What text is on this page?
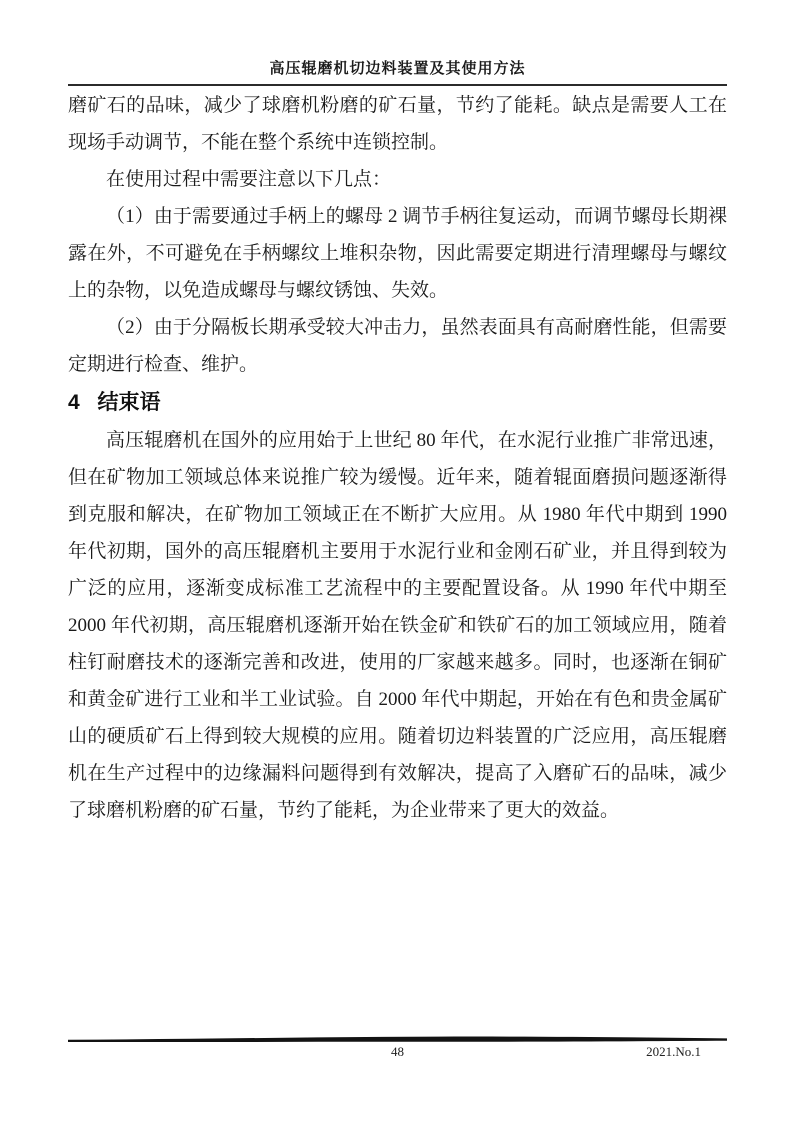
高压辊磨机切边料装置及其使用方法

磨矿石的品味，减少了球磨机粉磨的矿石量，节约了能耗。缺点是需要人工在现场手动调节，不能在整个系统中连锁控制。

在使用过程中需要注意以下几点：

（1）由于需要通过手柄上的螺母 2 调节手柄往复运动，而调节螺母长期裸露在外，不可避免在手柄螺纹上堆积杂物，因此需要定期进行清理螺母与螺纹上的杂物，以免造成螺母与螺纹锈蚀、失效。

（2）由于分隔板长期承受较大冲击力，虽然表面具有高耐磨性能，但需要定期进行检查、维护。

4 结束语

高压辊磨机在国外的应用始于上世纪 80 年代，在水泥行业推广非常迅速，但在矿物加工领域总体来说推广较为缓慢。近年来，随着辊面磨损问题逐渐得到克服和解决，在矿物加工领域正在不断扩大应用。从 1980 年代中期到 1990 年代初期，国外的高压辊磨机主要用于水泥行业和金刚石矿业，并且得到较为广泛的应用，逐渐变成标准工艺流程中的主要配置设备。从 1990 年代中期至 2000 年代初期，高压辊磨机逐渐开始在铁金矿和铁矿石的加工领域应用，随着柱钉耐磨技术的逐渐完善和改进，使用的厂家越来越多。同时，也逐渐在铜矿和黄金矿进行工业和半工业试验。自 2000 年代中期起，开始在有色和贵金属矿山的硬质矿石上得到较大规模的应用。随着切边料装置的广泛应用，高压辊磨机在生产过程中的边缘漏料问题得到有效解决，提高了入磨矿石的品味，减少了球磨机粉磨的矿石量，节约了能耗，为企业带来了更大的效益。

48	2021.No.1
